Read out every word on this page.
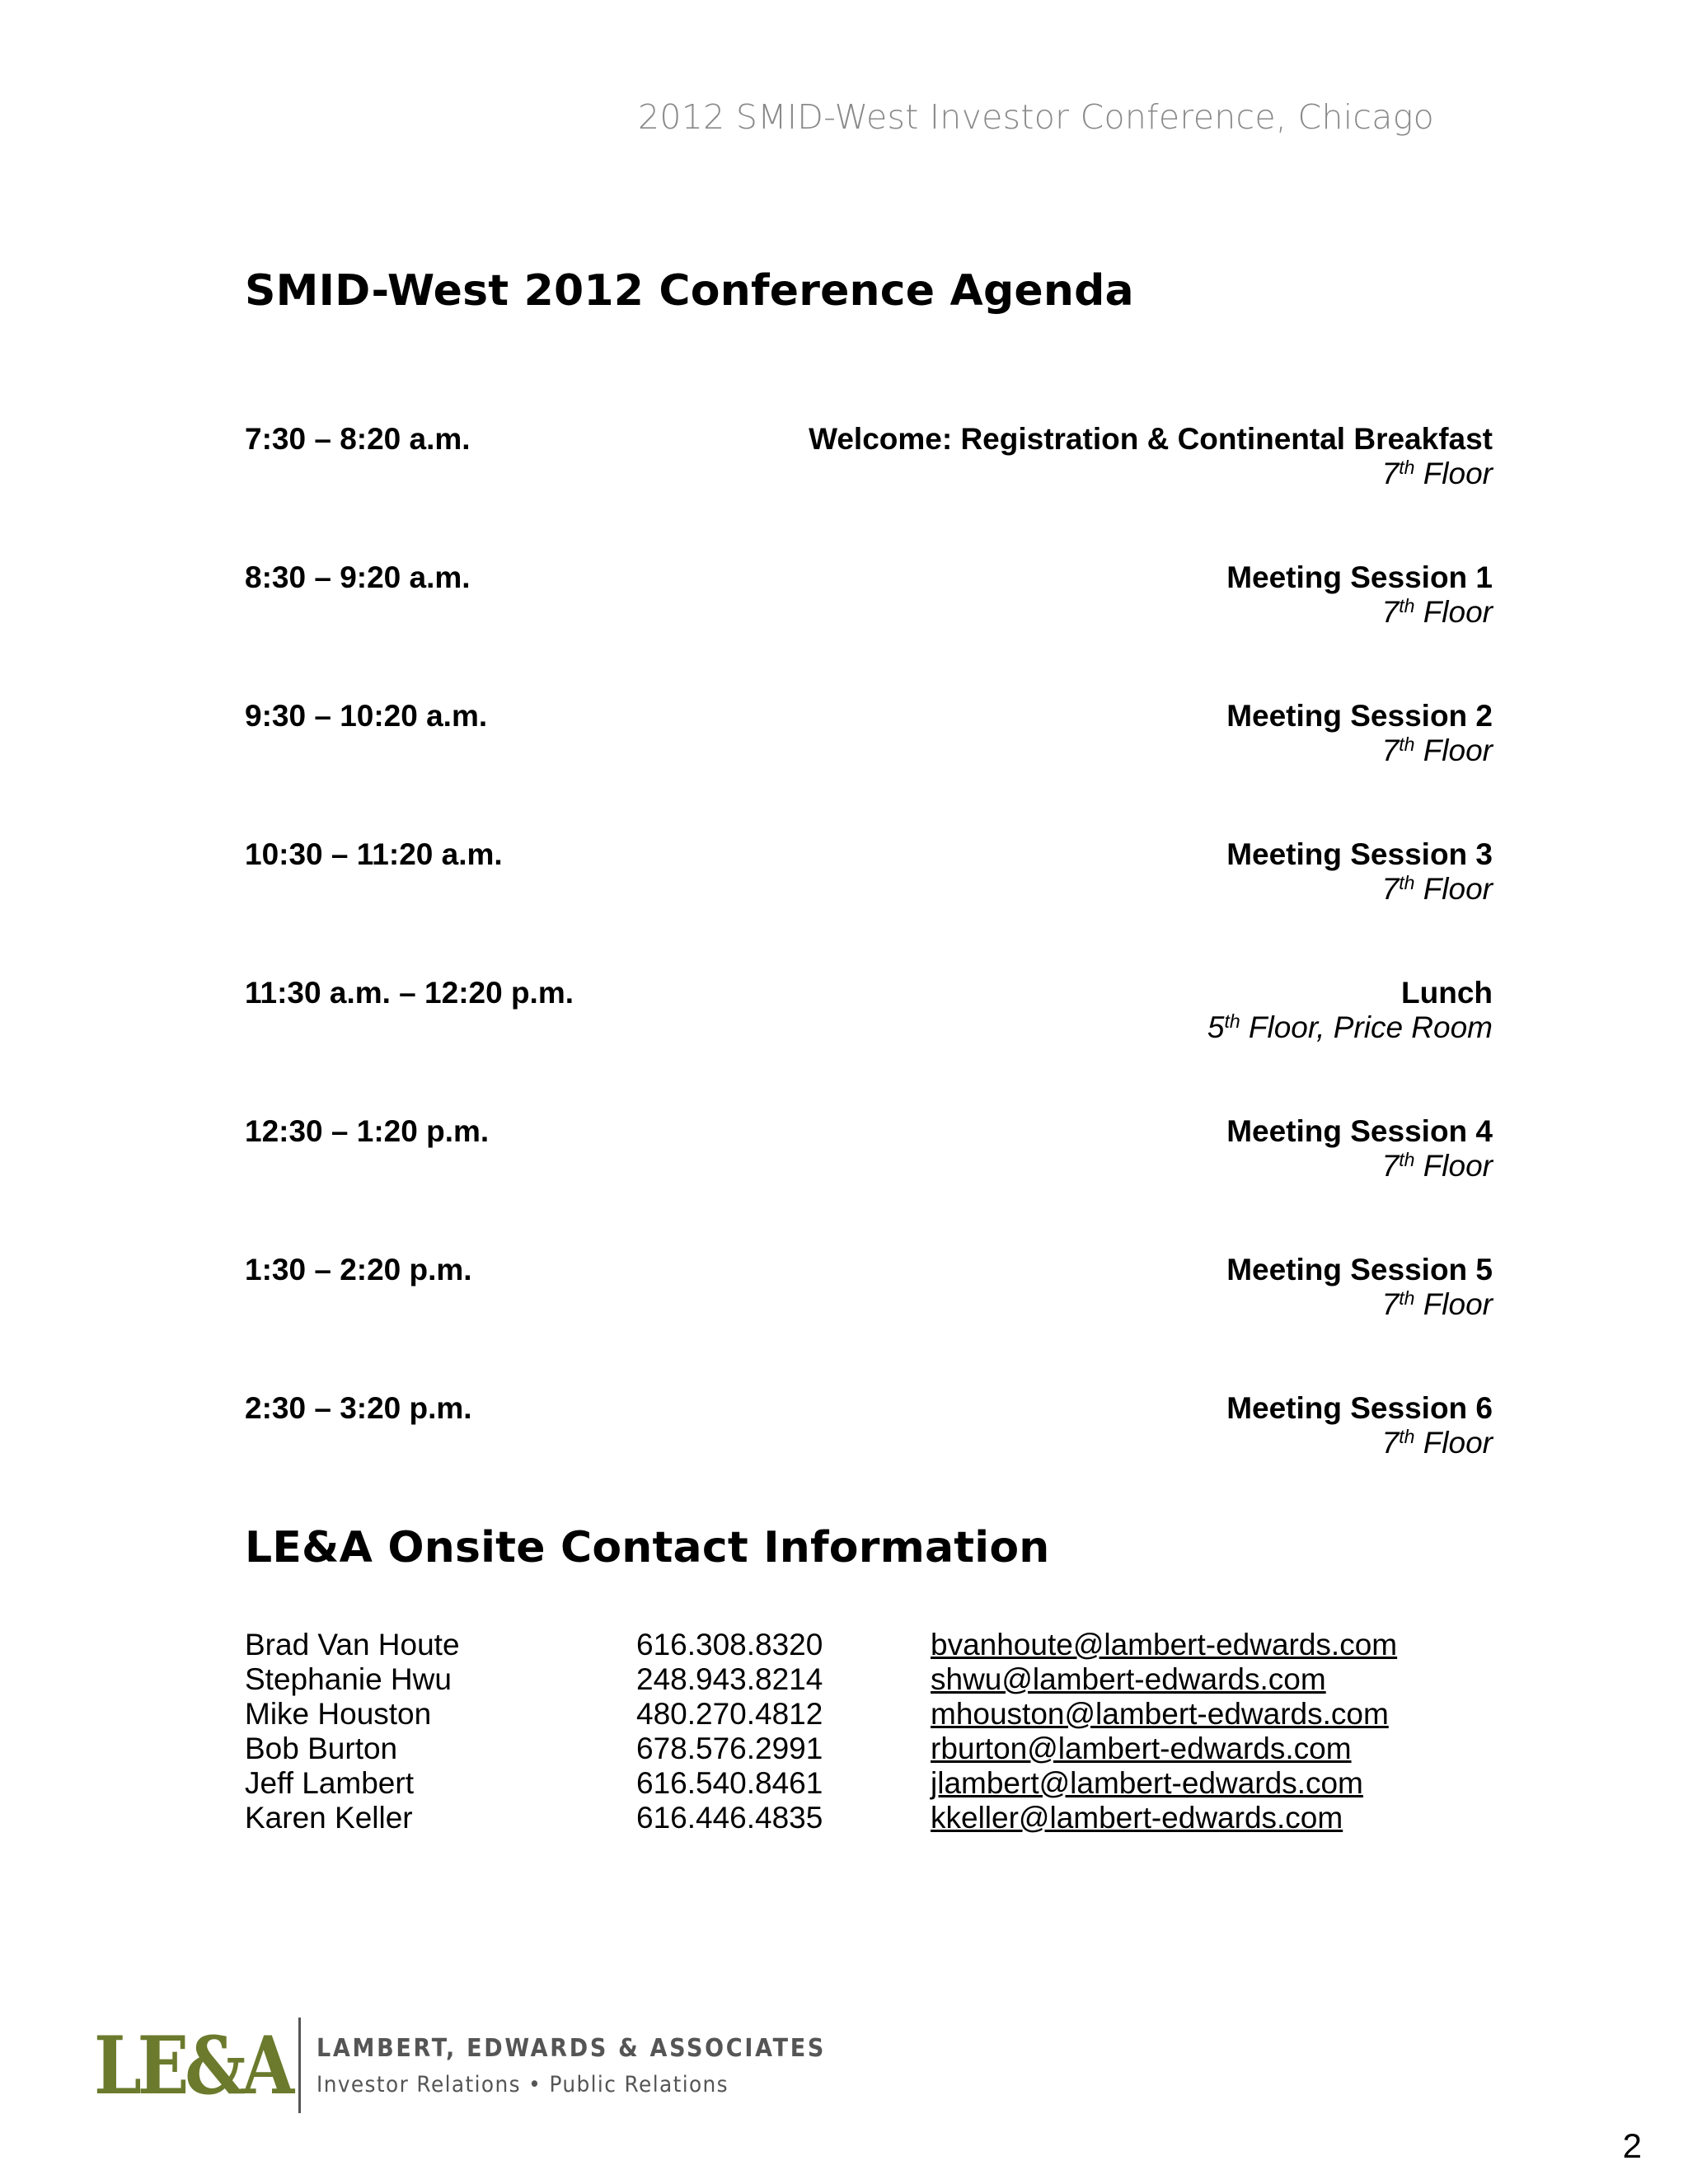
2012 SMID-West Investor Conference, Chicago
SMID-West 2012 Conference Agenda
7:30 – 8:20 a.m.	Welcome: Registration & Continental Breakfast
7th Floor
8:30 – 9:20 a.m.	Meeting Session 1
7th Floor
9:30 – 10:20 a.m.	Meeting Session 2
7th Floor
10:30 – 11:20 a.m.	Meeting Session 3
7th Floor
11:30 a.m. – 12:20 p.m.	Lunch
5th Floor, Price Room
12:30 – 1:20 p.m.	Meeting Session 4
7th Floor
1:30 – 2:20 p.m.	Meeting Session 5
7th Floor
2:30 – 3:20 p.m.	Meeting Session 6
7th Floor
LE&A Onsite Contact Information
Brad Van Houte	616.308.8320	bvanhoute@lambert-edwards.com
Stephanie Hwu	248.943.8214	shwu@lambert-edwards.com
Mike Houston	480.270.4812	mhouston@lambert-edwards.com
Bob Burton	678.576.2991	rburton@lambert-edwards.com
Jeff Lambert	616.540.8461	jlambert@lambert-edwards.com
Karen Keller	616.446.4835	kkeller@lambert-edwards.com
LE&A LAMBERT, EDWARDS & ASSOCIATES
Investor Relations • Public Relations
2
